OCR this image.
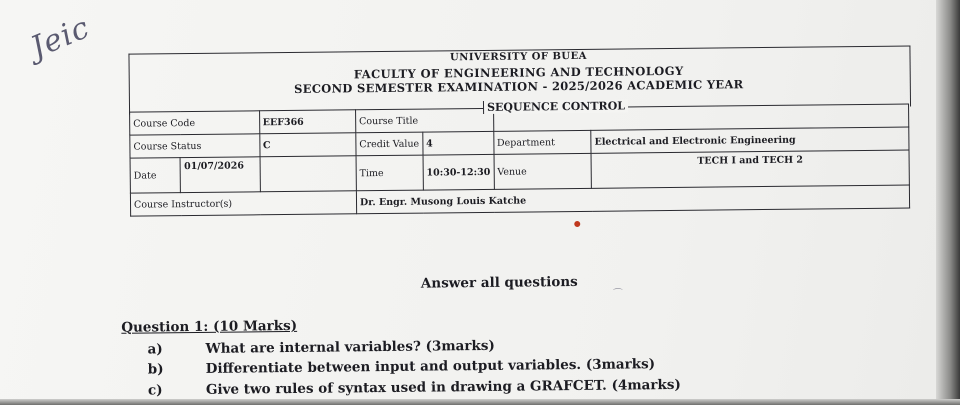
Jeic	UNIVERSITY OF BUEA
FACULTY OF ENGINEERING AND TECHNOLOGY
SECOND SEMESTER EXAMINATION - 2025/2026 ACADEMIC YEAR
Course Code		EEF366	Course Title			
Course Status		C	Credit Value	4	Department	Electrical and Electronic Engineering
Date	01/07/2026		Time	10:30-12:30	Venue	TECH I and TECH 2
Course Instructor(s)			Dr. Engr. Musong Louis Katche			
SEQUENCE CONTROL
Answer all questions
⌒
Question 1: (10 Marks)
a)	What are internal variables? (3marks)
b)	Differentiate between input and output variables. (3marks)
c)	Give two rules of syntax used in drawing a GRAFCET. (4marks)
